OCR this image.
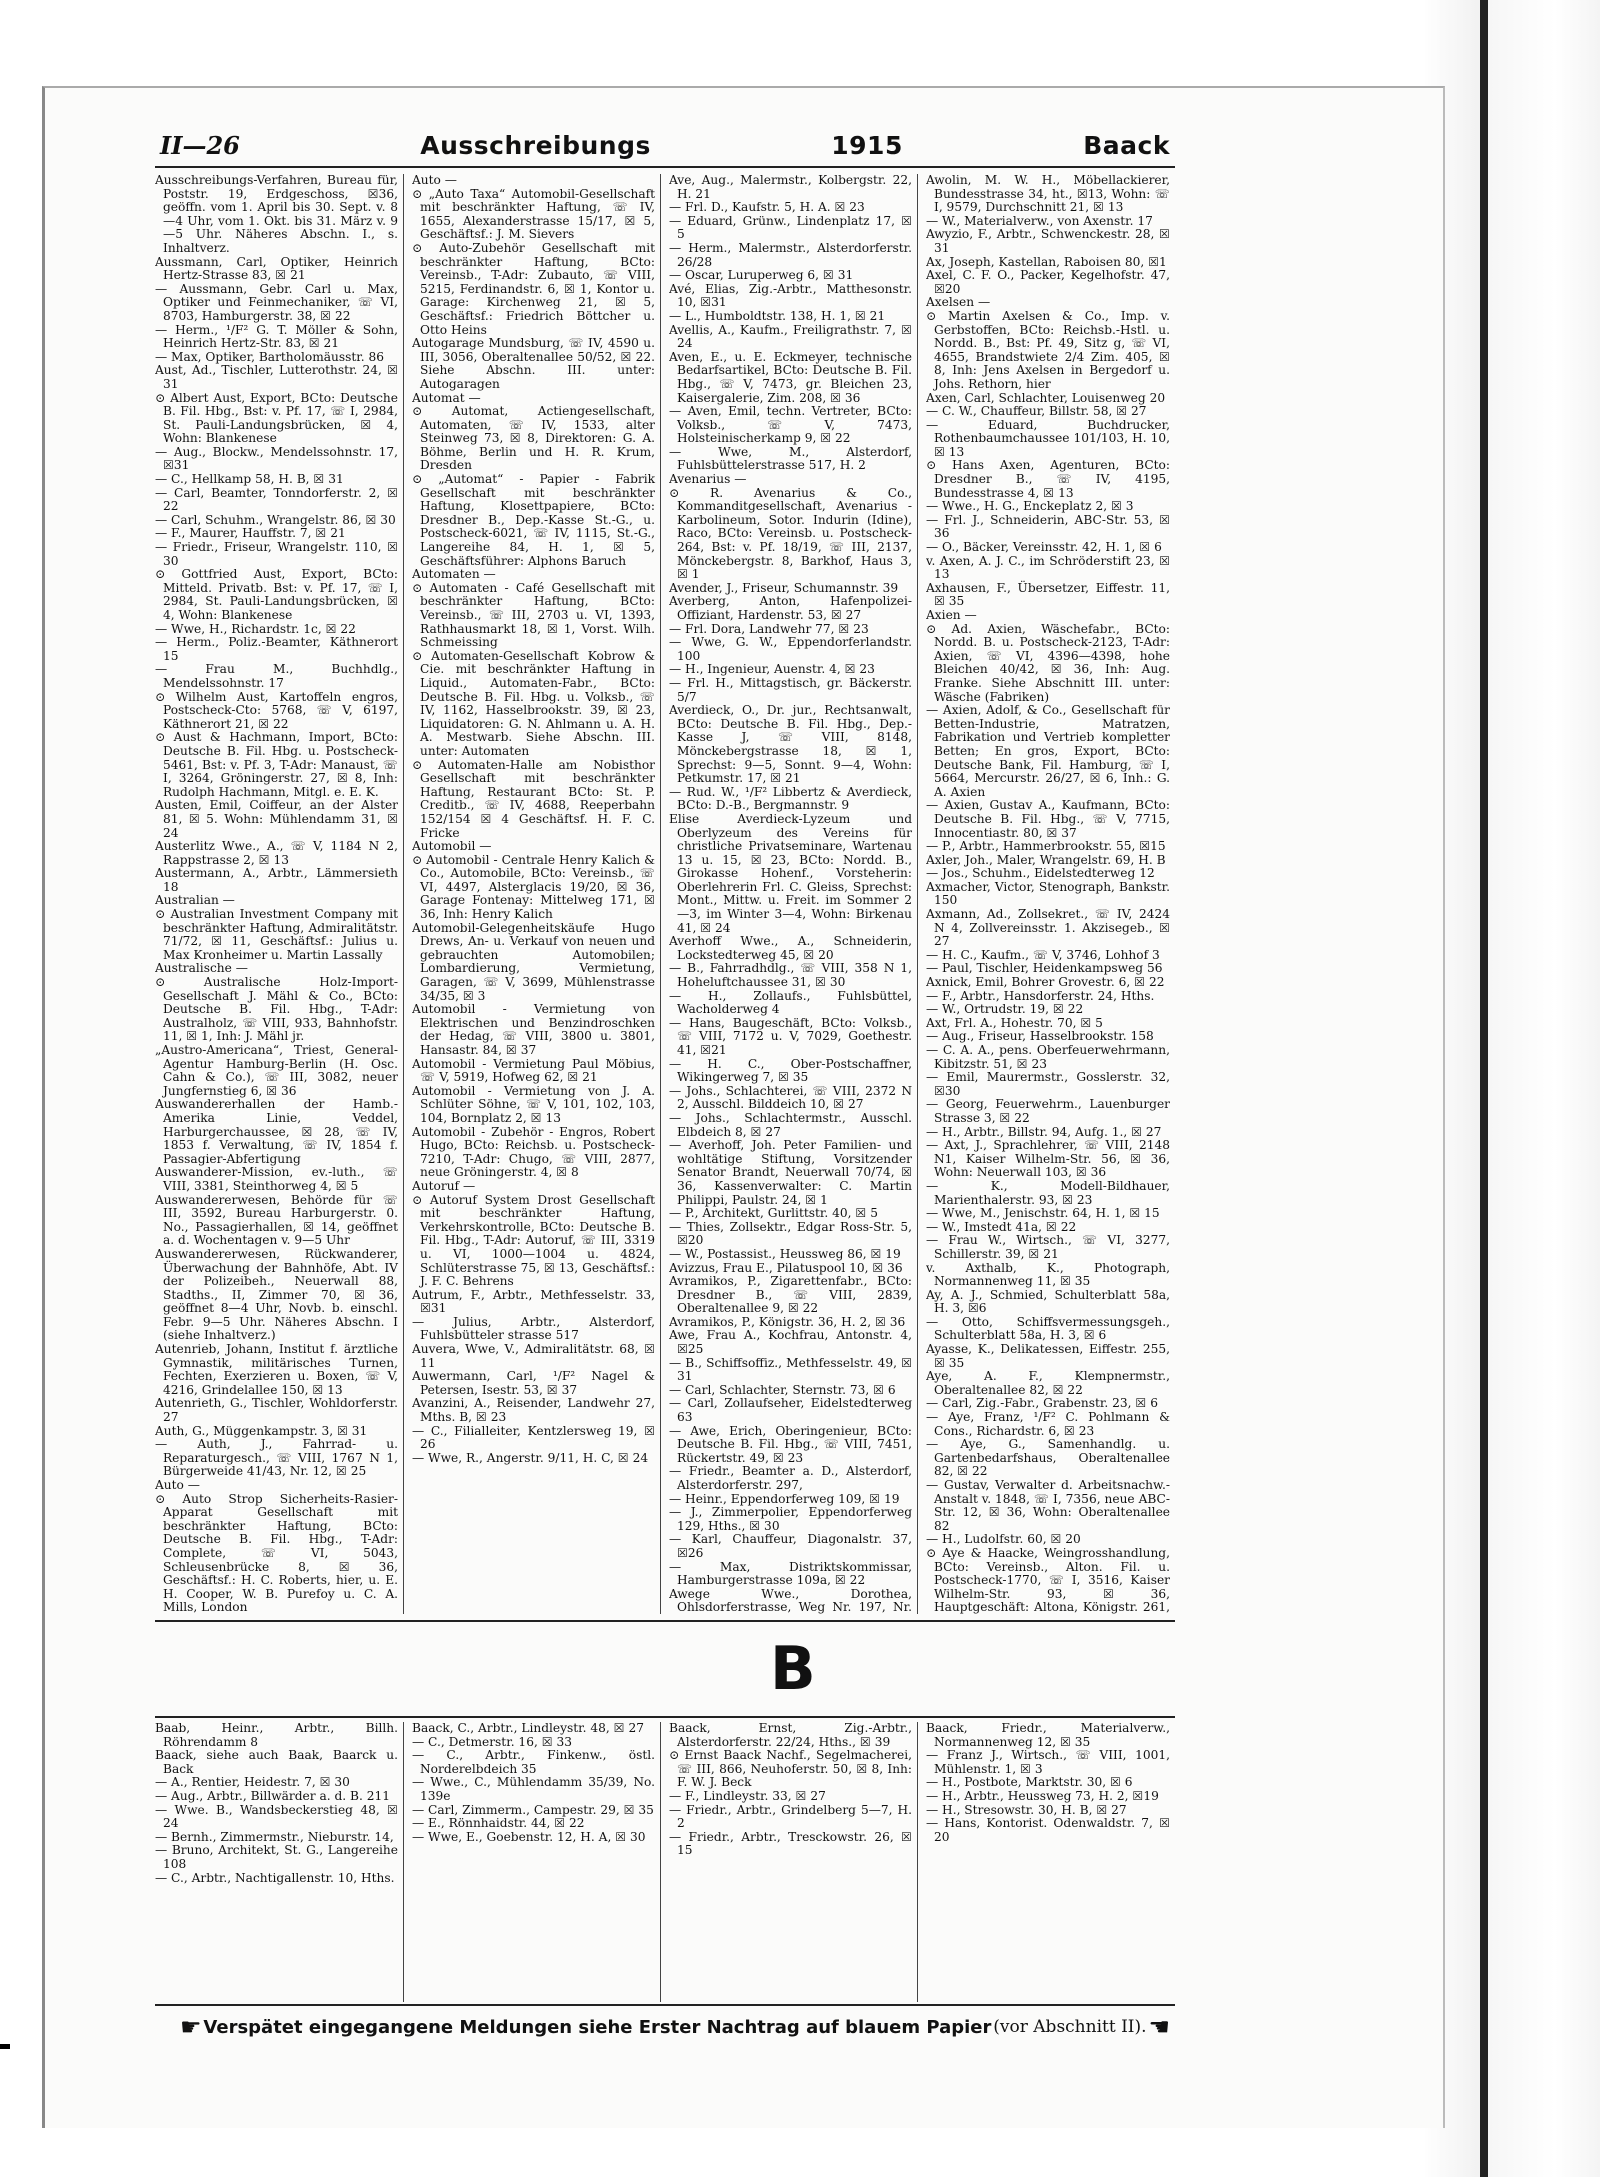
II—26	Ausschreibungs	1915	Baack

Ausschreibungs-Verfahren, Bureau für, Poststr. 19, Erdgeschoss, ☒36, geöffn. vom 1. April bis 30. Sept. v. 8—4 Uhr, vom 1. Okt. bis 31. März v. 9—5 Uhr. Näheres Abschn. I., s. Inhaltverz.

Aussmann, Carl, Optiker, Heinrich Hertz-Strasse 83, ☒ 21

— Aussmann, Gebr. Carl u. Max, Optiker und Feinmechaniker, ☏ VI, 8703, Hamburgerstr. 38, ☒ 22

— Herm., ¹/F² G. T. Möller & Sohn, Heinrich Hertz-Str. 83, ☒ 21

— Max, Optiker, Bartholomäusstr. 86

Aust, Ad., Tischler, Lutterothstr. 24, ☒ 31

⊙ Albert Aust, Export, BCto: Deutsche B. Fil. Hbg., Bst: v. Pf. 17, ☏ I, 2984, St. Pauli-Landungsbrücken, ☒ 4, Wohn: Blankenese

— Aug., Blockw., Mendelssohnstr. 17, ☒31

— C., Hellkamp 58, H. B, ☒ 31

— Carl, Beamter, Tonndorferstr. 2, ☒ 22

— Carl, Schuhm., Wrangelstr. 86, ☒ 30

— F., Maurer, Hauffstr. 7, ☒ 21

— Friedr., Friseur, Wrangelstr. 110, ☒ 30

⊙ Gottfried Aust, Export, BCto: Mitteld. Privatb. Bst: v. Pf. 17, ☏ I, 2984, St. Pauli-Landungsbrücken, ☒ 4, Wohn: Blankenese

— Wwe, H., Richardstr. 1c, ☒ 22

— Herm., Poliz.-Beamter, Käthnerort 15

— Frau M., Buchhdlg., Mendelssohnstr. 17

⊙ Wilhelm Aust, Kartoffeln engros, Postscheck-Cto: 5768, ☏ V, 6197, Käthnerort 21, ☒ 22

⊙ Aust & Hachmann, Import, BCto: Deutsche B. Fil. Hbg. u. Postscheck-5461, Bst: v. Pf. 3, T-Adr: Manaust, ☏ I, 3264, Gröningerstr. 27, ☒ 8, Inh: Rudolph Hachmann, Mitgl. e. E. K.

Austen, Emil, Coiffeur, an der Alster 81, ☒ 5. Wohn: Mühlendamm 31, ☒ 24

Austerlitz Wwe., A., ☏ V, 1184 N 2, Rappstrasse 2, ☒ 13

Austermann, A., Arbtr., Lämmersieth 18

Australian —

⊙ Australian Investment Company mit beschränkter Haftung, Admiralitätstr. 71/72, ☒ 11, Geschäftsf.: Julius u. Max Kronheimer u. Martin Lassally

Australische —

⊙ Australische Holz-Import-Gesellschaft J. Mähl & Co., BCto: Deutsche B. Fil. Hbg., T-Adr: Australholz, ☏ VIII, 933, Bahnhofstr. 11, ☒ 1, Inh: J. Mähl jr.

„Austro-Americana“, Triest, General-Agentur Hamburg-Berlin (H. Osc. Cahn & Co.), ☏ III, 3082, neuer Jungfernstieg 6, ☒ 36

Auswandererhallen der Hamb.-Amerika Linie, Veddel, Harburgerchaussee, ☒ 28, ☏ IV, 1853 f. Verwaltung, ☏ IV, 1854 f. Passagier-Abfertigung

Auswanderer-Mission, ev.-luth., ☏ VIII, 3381, Steinthorweg 4, ☒ 5

Auswandererwesen, Behörde für ☏ III, 3592, Bureau Harburgerstr. 0. No., Passagierhallen, ☒ 14, geöffnet a. d. Wochentagen v. 9—5 Uhr

Auswandererwesen, Rückwanderer, Überwachung der Bahnhöfe, Abt. IV der Polizeibeh., Neuerwall 88, Stadths., II, Zimmer 70, ☒ 36, geöffnet 8—4 Uhr, Novb. b. einschl. Febr. 9—5 Uhr. Näheres Abschn. I (siehe Inhaltverz.)

Autenrieb, Johann, Institut f. ärztliche Gymnastik, militärisches Turnen, Fechten, Exerzieren u. Boxen, ☏ V, 4216, Grindelallee 150, ☒ 13

Autenrieth, G., Tischler, Wohldorferstr. 27

Auth, G., Müggenkampstr. 3, ☒ 31

— Auth, J., Fahrrad- u. Reparaturgesch., ☏ VIII, 1767 N 1, Bürgerweide 41/43, Nr. 12, ☒ 25

Auto —

⊙ Auto Strop Sicherheits-Rasier-Apparat Gesellschaft mit beschränkter Haftung, BCto: Deutsche B. Fil. Hbg., T-Adr: Complete, ☏ VI, 5043, Schleusenbrücke 8, ☒ 36, Geschäftsf.: H. C. Roberts, hier, u. E. H. Cooper, W. B. Purefoy u. C. A. Mills, London

Auto —

⊙ „Auto Taxa“ Automobil-Gesellschaft mit beschränkter Haftung, ☏ IV, 1655, Alexanderstrasse 15/17, ☒ 5, Geschäftsf.: J. M. Sievers

⊙ Auto-Zubehör Gesellschaft mit beschränkter Haftung, BCto: Vereinsb., T-Adr: Zubauto, ☏ VIII, 5215, Ferdinandstr. 6, ☒ 1, Kontor u. Garage: Kirchenweg 21, ☒ 5, Geschäftsf.: Friedrich Böttcher u. Otto Heins

Autogarage Mundsburg, ☏ IV, 4590 u. III, 3056, Oberaltenallee 50/52, ☒ 22. Siehe Abschn. III. unter: Autogaragen

Automat —

⊙ Automat, Actiengesellschaft, Automaten, ☏ IV, 1533, alter Steinweg 73, ☒ 8, Direktoren: G. A. Böhme, Berlin und H. R. Krum, Dresden

⊙ „Automat“ - Papier - Fabrik Gesellschaft mit beschränkter Haftung, Klosettpapiere, BCto: Dresdner B., Dep.-Kasse St.-G., u. Postscheck-6021, ☏ IV, 1115, St.-G., Langereihe 84, H. 1, ☒ 5, Geschäftsführer: Alphons Baruch

Automaten —

⊙ Automaten - Café Gesellschaft mit beschränkter Haftung, BCto: Vereinsb., ☏ III, 2703 u. VI, 1393, Rathhausmarkt 18, ☒ 1, Vorst. Wilh. Schmeissing

⊙ Automaten-Gesellschaft Kobrow & Cie. mit beschränkter Haftung in Liquid., Automaten-Fabr., BCto: Deutsche B. Fil. Hbg. u. Volksb., ☏ IV, 1162, Hasselbrookstr. 39, ☒ 23, Liquidatoren: G. N. Ahlmann u. A. H. A. Mestwarb. Siehe Abschn. III. unter: Automaten

⊙ Automaten-Halle am Nobisthor Gesellschaft mit beschränkter Haftung, Restaurant BCto: St. P. Creditb., ☏ IV, 4688, Reeperbahn 152/154 ☒ 4 Geschäftsf. H. F. C. Fricke

Automobil —

⊙ Automobil - Centrale Henry Kalich & Co., Automobile, BCto: Vereinsb., ☏ VI, 4497, Alsterglacis 19/20, ☒ 36, Garage Fontenay: Mittelweg 171, ☒ 36, Inh: Henry Kalich

Automobil-Gelegenheitskäufe Hugo Drews, An- u. Verkauf von neuen und gebrauchten Automobilen; Lombardierung, Vermietung, Garagen, ☏ V, 3699, Mühlenstrasse 34/35, ☒ 3

Automobil - Vermietung von Elektrischen und Benzindroschken der Hedag, ☏ VIII, 3800 u. 3801, Hansastr. 84, ☒ 37

Automobil - Vermietung Paul Möbius, ☏ V, 5919, Hofweg 62, ☒ 21

Automobil - Vermietung von J. A. Schlüter Söhne, ☏ V, 101, 102, 103, 104, Bornplatz 2, ☒ 13

Automobil - Zubehör - Engros, Robert Hugo, BCto: Reichsb. u. Postscheck-7210, T-Adr: Chugo, ☏ VIII, 2877, neue Gröningerstr. 4, ☒ 8

Autoruf —

⊙ Autoruf System Drost Gesellschaft mit beschränkter Haftung, Verkehrskontrolle, BCto: Deutsche B. Fil. Hbg., T-Adr: Autoruf, ☏ III, 3319 u. VI, 1000—1004 u. 4824, Schlüterstrasse 75, ☒ 13, Geschäftsf.: J. F. C. Behrens

Autrum, F., Arbtr., Methfesselstr. 33, ☒31

— Julius, Arbtr., Alsterdorf, Fuhlsbütteler strasse 517

Auvera, Wwe, V., Admiralitätstr. 68, ☒ 11

Auwermann, Carl, ¹/F² Nagel & Petersen, Isestr. 53, ☒ 37

Avanzini, A., Reisender, Landwehr 27, Mths. B, ☒ 23

— C., Filialleiter, Kentzlersweg 19, ☒ 26

— Wwe, R., Angerstr. 9/11, H. C, ☒ 24

Ave, Aug., Malermstr., Kolbergstr. 22, H. 21

— Frl. D., Kaufstr. 5, H. A. ☒ 23

— Eduard, Grünw., Lindenplatz 17, ☒ 5

— Herm., Malermstr., Alsterdorferstr. 26/28

— Oscar, Luruperweg 6, ☒ 31

Avé, Elias, Zig.-Arbtr., Matthesonstr. 10, ☒31

— L., Humboldtstr. 138, H. 1, ☒ 21

Avellis, A., Kaufm., Freiligrathstr. 7, ☒ 24

Aven, E., u. E. Eckmeyer, technische Bedarfsartikel, BCto: Deutsche B. Fil. Hbg., ☏ V, 7473, gr. Bleichen 23, Kaisergalerie, Zim. 208, ☒ 36

— Aven, Emil, techn. Vertreter, BCto: Volksb., ☏ V, 7473, Holsteinischerkamp 9, ☒ 22

— Wwe, M., Alsterdorf, Fuhlsbüttelerstrasse 517, H. 2

Avenarius —

⊙ R. Avenarius & Co., Kommanditgesellschaft, Avenarius - Karbolineum, Sotor. Indurin (Idine), Raco, BCto: Vereinsb. u. Postscheck-264, Bst: v. Pf. 18/19, ☏ III, 2137, Mönckebergstr. 8, Barkhof, Haus 3, ☒ 1

Avender, J., Friseur, Schumannstr. 39

Averberg, Anton, Hafenpolizei-Offiziant, Hardenstr. 53, ☒ 27

— Frl. Dora, Landwehr 77, ☒ 23

— Wwe, G. W., Eppendorferlandstr. 100

— H., Ingenieur, Auenstr. 4, ☒ 23

— Frl. H., Mittagstisch, gr. Bäckerstr. 5/7

Averdieck, O., Dr. jur., Rechtsanwalt, BCto: Deutsche B. Fil. Hbg., Dep.-Kasse J, ☏ VIII, 8148, Mönckebergstrasse 18, ☒ 1, Sprechst: 9—5, Sonnt. 9—4, Wohn: Petkumstr. 17, ☒ 21

— Rud. W., ¹/F² Libbertz & Averdieck, BCto: D.-B., Bergmannstr. 9

Elise Averdieck-Lyzeum und Oberlyzeum des Vereins für christliche Privatseminare, Wartenau 13 u. 15, ☒ 23, BCto: Nordd. B., Girokasse Hohenf., Vorsteherin: Oberlehrerin Frl. C. Gleiss, Sprechst: Mont., Mittw. u. Freit. im Sommer 2—3, im Winter 3—4, Wohn: Birkenau 41, ☒ 24

Averhoff Wwe., A., Schneiderin, Lockstedterweg 45, ☒ 20

— B., Fahrradhdlg., ☏ VIII, 358 N 1, Hoheluftchaussee 31, ☒ 30

— H., Zollaufs., Fuhlsbüttel, Wacholderweg 4

— Hans, Baugeschäft, BCto: Volksb., ☏ VIII, 7172 u. V, 7029, Goethestr. 41, ☒21

— H. C., Ober-Postschaffner, Wikingerweg 7, ☒ 35

— Johs., Schlachterei, ☏ VIII, 2372 N 2, Ausschl. Bilddeich 10, ☒ 27

— Johs., Schlachtermstr., Ausschl. Elbdeich 8, ☒ 27

— Averhoff, Joh. Peter Familien- und wohltätige Stiftung, Vorsitzender Senator Brandt, Neuerwall 70/74, ☒ 36, Kassenverwalter: C. Martin Philippi, Paulstr. 24, ☒ 1

— P., Architekt, Gurlittstr. 40, ☒ 5

— Thies, Zollsektr., Edgar Ross-Str. 5, ☒20

— W., Postassist., Heussweg 86, ☒ 19

Avizzus, Frau E., Pilatuspool 10, ☒ 36

Avramikos, P., Zigarettenfabr., BCto: Dresdner B., ☏ VIII, 2839, Oberaltenallee 9, ☒ 22

Avramikos, P., Königstr. 36, H. 2, ☒ 36

Awe, Frau A., Kochfrau, Antonstr. 4, ☒25

— B., Schiffsoffiz., Methfesselstr. 49, ☒ 31

— Carl, Schlachter, Sternstr. 73, ☒ 6

— Carl, Zollaufseher, Eidelstedterweg 63

— Awe, Erich, Oberingenieur, BCto: Deutsche B. Fil. Hbg., ☏ VIII, 7451, Rückertstr. 49, ☒ 23

— Friedr., Beamter a. D., Alsterdorf, Alsterdorferstr. 297,

— Heinr., Eppendorferweg 109, ☒ 19

— J., Zimmerpolier, Eppendorferweg 129, Hths., ☒ 30

— Karl, Chauffeur, Diagonalstr. 37, ☒26

— Max, Distriktskommissar, Hamburgerstrasse 109a, ☒ 22

Awege Wwe., Dorothea, Ohlsdorferstrasse, Weg Nr. 197, Nr.

Awolin, M. W. H., Möbellackierer, Bundesstrasse 34, ht., ☒13, Wohn: ☏ I, 9579, Durchschnitt 21, ☒ 13

— W., Materialverw., von Axenstr. 17

Awyzio, F., Arbtr., Schwenckestr. 28, ☒ 31

Ax, Joseph, Kastellan, Raboisen 80, ☒1

Axel, C. F. O., Packer, Kegelhofstr. 47, ☒20

Axelsen —

⊙ Martin Axelsen & Co., Imp. v. Gerbstoffen, BCto: Reichsb.-Hstl. u. Nordd. B., Bst: Pf. 49, Sitz g, ☏ VI, 4655, Brandstwiete 2/4 Zim. 405, ☒ 8, Inh: Jens Axelsen in Bergedorf u. Johs. Rethorn, hier

Axen, Carl, Schlachter, Louisenweg 20

— C. W., Chauffeur, Billstr. 58, ☒ 27

— Eduard, Buchdrucker, Rothenbaumchaussee 101/103, H. 10, ☒ 13

⊙ Hans Axen, Agenturen, BCto: Dresdner B., ☏ IV, 4195, Bundesstrasse 4, ☒ 13

— Wwe., H. G., Enckeplatz 2, ☒ 3

— Frl. J., Schneiderin, ABC-Str. 53, ☒ 36

— O., Bäcker, Vereinsstr. 42, H. 1, ☒ 6

v. Axen, A. J. C., im Schröderstift 23, ☒ 13

Axhausen, F., Übersetzer, Eiffestr. 11, ☒ 35

Axien —

⊙ Ad. Axien, Wäschefabr., BCto: Nordd. B. u. Postscheck-2123, T-Adr: Axien, ☏ VI, 4396—4398, hohe Bleichen 40/42, ☒ 36, Inh: Aug. Franke. Siehe Abschnitt III. unter: Wäsche (Fabriken)

— Axien, Adolf, & Co., Gesellschaft für Betten-Industrie, Matratzen, Fabrikation und Vertrieb kompletter Betten; En gros, Export, BCto: Deutsche Bank, Fil. Hamburg, ☏ I, 5664, Mercurstr. 26/27, ☒ 6, Inh.: G. A. Axien

— Axien, Gustav A., Kaufmann, BCto: Deutsche B. Fil. Hbg., ☏ V, 7715, Innocentiastr. 80, ☒ 37

— P., Arbtr., Hammerbrookstr. 55, ☒15

Axler, Joh., Maler, Wrangelstr. 69, H. B

— Jos., Schuhm., Eidelstedterweg 12

Axmacher, Victor, Stenograph, Bankstr. 150

Axmann, Ad., Zollsekret., ☏ IV, 2424 N 4, Zollvereinsstr. 1. Akzisegeb., ☒ 27

— H. C., Kaufm., ☏ V, 3746, Lohhof 3

— Paul, Tischler, Heidenkampsweg 56

Axnick, Emil, Bohrer Grovestr. 6, ☒ 22

— F., Arbtr., Hansdorferstr. 24, Hths.

— W., Ortrudstr. 19, ☒ 22

Axt, Frl. A., Hohestr. 70, ☒ 5

— Aug., Friseur, Hasselbrookstr. 158

— C. A. A., pens. Oberfeuerwehrmann, Kibitzstr. 51, ☒ 23

— Emil, Maurermstr., Gosslerstr. 32, ☒30

— Georg, Feuerwehrm., Lauenburger Strasse 3, ☒ 22

— H., Arbtr., Billstr. 94, Aufg. 1., ☒ 27

— Axt, J., Sprachlehrer, ☏ VIII, 2148 N1, Kaiser Wilhelm-Str. 56, ☒ 36, Wohn: Neuerwall 103, ☒ 36

— K., Modell-Bildhauer, Marienthalerstr. 93, ☒ 23

— Wwe, M., Jenischstr. 64, H. 1, ☒ 15

— W., Imstedt 41a, ☒ 22

— Frau W., Wirtsch., ☏ VI, 3277, Schillerstr. 39, ☒ 21

v. Axthalb, K., Photograph, Normannenweg 11, ☒ 35

Ay, A. J., Schmied, Schulterblatt 58a, H. 3, ☒6

— Otto, Schiffsvermessungsgeh., Schulterblatt 58a, H. 3, ☒ 6

Ayasse, K., Delikatessen, Eiffestr. 255, ☒ 35

Aye, A. F., Klempnermstr., Oberaltenallee 82, ☒ 22

— Carl, Zig.-Fabr., Grabenstr. 23, ☒ 6

— Aye, Franz, ¹/F² C. Pohlmann & Cons., Richardstr. 6, ☒ 23

— Aye, G., Samenhandlg. u. Gartenbedarfshaus, Oberaltenallee 82, ☒ 22

— Gustav, Verwalter d. Arbeitsnachw.-Anstalt v. 1848, ☏ I, 7356, neue ABC-Str. 12, ☒ 36, Wohn: Oberaltenallee 82

— H., Ludolfstr. 60, ☒ 20

⊙ Aye & Haacke, Weingrosshandlung, BCto: Vereinsb., Alton. Fil. u. Postscheck-1770, ☏ I, 3516, Kaiser Wilhelm-Str. 93, ☒ 36, Hauptgeschäft: Altona, Königstr. 261,

B

Baab, Heinr., Arbtr., Billh. Röhrendamm 8

Baack, siehe auch Baak, Baarck u. Back

— A., Rentier, Heidestr. 7, ☒ 30

— Aug., Arbtr., Billwärder a. d. B. 211

— Wwe. B., Wandsbeckerstieg 48, ☒ 24

— Bernh., Zimmermstr., Nieburstr. 14,

— Bruno, Architekt, St. G., Langereihe 108

— C., Arbtr., Nachtigallenstr. 10, Hths.

Baack, C., Arbtr., Lindleystr. 48, ☒ 27

— C., Detmerstr. 16, ☒ 33

— C., Arbtr., Finkenw., östl. Norderelbdeich 35

— Wwe., C., Mühlendamm 35/39, No. 139e

— Carl, Zimmerm., Campestr. 29, ☒ 35

— E., Rönnhaidstr. 44, ☒ 22

— Wwe, E., Goebenstr. 12, H. A, ☒ 30

Baack, Ernst, Zig.-Arbtr., Alsterdorferstr. 22/24, Hths., ☒ 39

⊙ Ernst Baack Nachf., Segelmacherei, ☏ III, 866, Neuhoferstr. 50, ☒ 8, Inh: F. W. J. Beck

— F., Lindleystr. 33, ☒ 27

— Friedr., Arbtr., Grindelberg 5—7, H. 2

— Friedr., Arbtr., Tresckowstr. 26, ☒ 15

Baack, Friedr., Materialverw., Normannenweg 12, ☒ 35

— Franz J., Wirtsch., ☏ VIII, 1001, Mühlenstr. 1, ☒ 3

— H., Postbote, Marktstr. 30, ☒ 6

— H., Arbtr., Heussweg 73, H. 2, ☒19

— H., Stresowstr. 30, H. B, ☒ 27

— Hans, Kontorist. Odenwaldstr. 7, ☒ 20

☛ Verspätet eingegangene Meldungen siehe Erster Nachtrag auf blauem Papier (vor Abschnitt II). ☚
